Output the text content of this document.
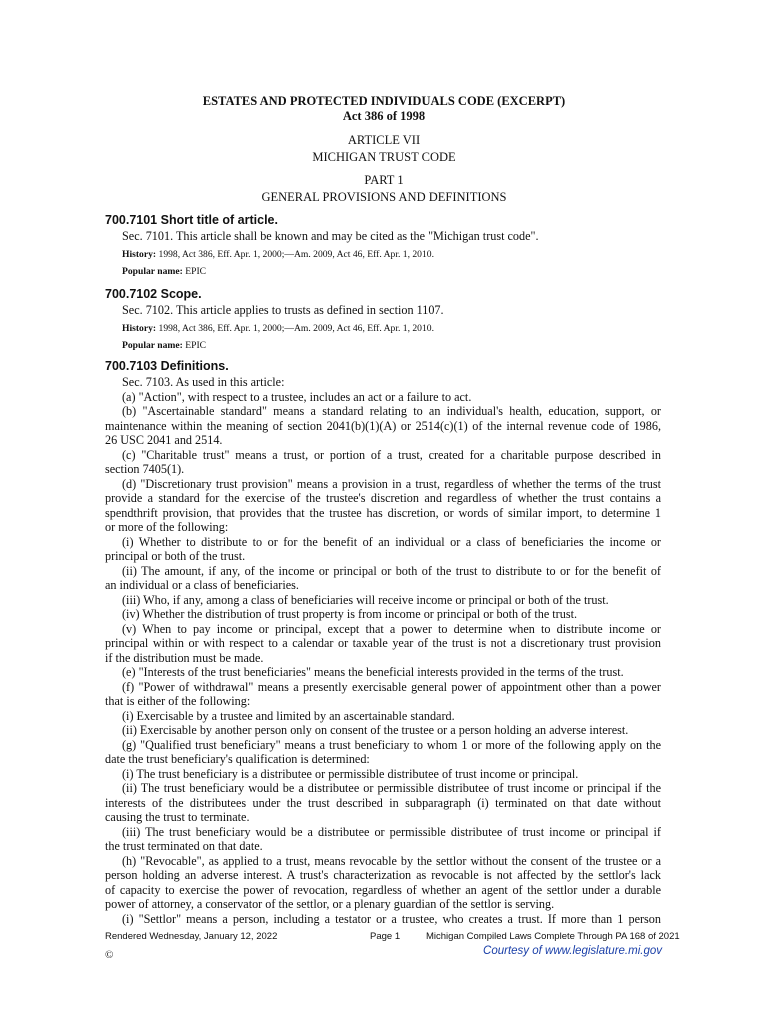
ESTATES AND PROTECTED INDIVIDUALS CODE (EXCERPT)
Act 386 of 1998
ARTICLE VII
MICHIGAN TRUST CODE
PART 1
GENERAL PROVISIONS AND DEFINITIONS
700.7101 Short title of article.
Sec. 7101. This article shall be known and may be cited as the "Michigan trust code".
History: 1998, Act 386, Eff. Apr. 1, 2000;—Am. 2009, Act 46, Eff. Apr. 1, 2010.
Popular name: EPIC
700.7102 Scope.
Sec. 7102. This article applies to trusts as defined in section 1107.
History: 1998, Act 386, Eff. Apr. 1, 2000;—Am. 2009, Act 46, Eff. Apr. 1, 2010.
Popular name: EPIC
700.7103 Definitions.
Sec. 7103. As used in this article:
(a) "Action", with respect to a trustee, includes an act or a failure to act.
(b) "Ascertainable standard" means a standard relating to an individual's health, education, support, or
maintenance within the meaning of section 2041(b)(1)(A) or 2514(c)(1) of the internal revenue code of 1986,
26 USC 2041 and 2514.
(c) "Charitable trust" means a trust, or portion of a trust, created for a charitable purpose described in
section 7405(1).
(d) "Discretionary trust provision" means a provision in a trust, regardless of whether the terms of the trust
provide a standard for the exercise of the trustee's discretion and regardless of whether the trust contains a
spendthrift provision, that provides that the trustee has discretion, or words of similar import, to determine 1
or more of the following:
(i) Whether to distribute to or for the benefit of an individual or a class of beneficiaries the income or
principal or both of the trust.
(ii) The amount, if any, of the income or principal or both of the trust to distribute to or for the benefit of
an individual or a class of beneficiaries.
(iii) Who, if any, among a class of beneficiaries will receive income or principal or both of the trust.
(iv) Whether the distribution of trust property is from income or principal or both of the trust.
(v) When to pay income or principal, except that a power to determine when to distribute income or
principal within or with respect to a calendar or taxable year of the trust is not a discretionary trust provision
if the distribution must be made.
(e) "Interests of the trust beneficiaries" means the beneficial interests provided in the terms of the trust.
(f) "Power of withdrawal" means a presently exercisable general power of appointment other than a power
that is either of the following:
(i) Exercisable by a trustee and limited by an ascertainable standard.
(ii) Exercisable by another person only on consent of the trustee or a person holding an adverse interest.
(g) "Qualified trust beneficiary" means a trust beneficiary to whom 1 or more of the following apply on the
date the trust beneficiary's qualification is determined:
(i) The trust beneficiary is a distributee or permissible distributee of trust income or principal.
(ii) The trust beneficiary would be a distributee or permissible distributee of trust income or principal if the
interests of the distributees under the trust described in subparagraph (i) terminated on that date without
causing the trust to terminate.
(iii) The trust beneficiary would be a distributee or permissible distributee of trust income or principal if
the trust terminated on that date.
(h) "Revocable", as applied to a trust, means revocable by the settlor without the consent of the trustee or a
person holding an adverse interest. A trust's characterization as revocable is not affected by the settlor's lack
of capacity to exercise the power of revocation, regardless of whether an agent of the settlor under a durable
power of attorney, a conservator of the settlor, or a plenary guardian of the settlor is serving.
(i) "Settlor" means a person, including a testator or a trustee, who creates a trust. If more than 1 person
Rendered Wednesday, January 12, 2022	Page 1	Michigan Compiled Laws Complete Through PA 168 of 2021
©	Courtesy of www.legislature.mi.gov
